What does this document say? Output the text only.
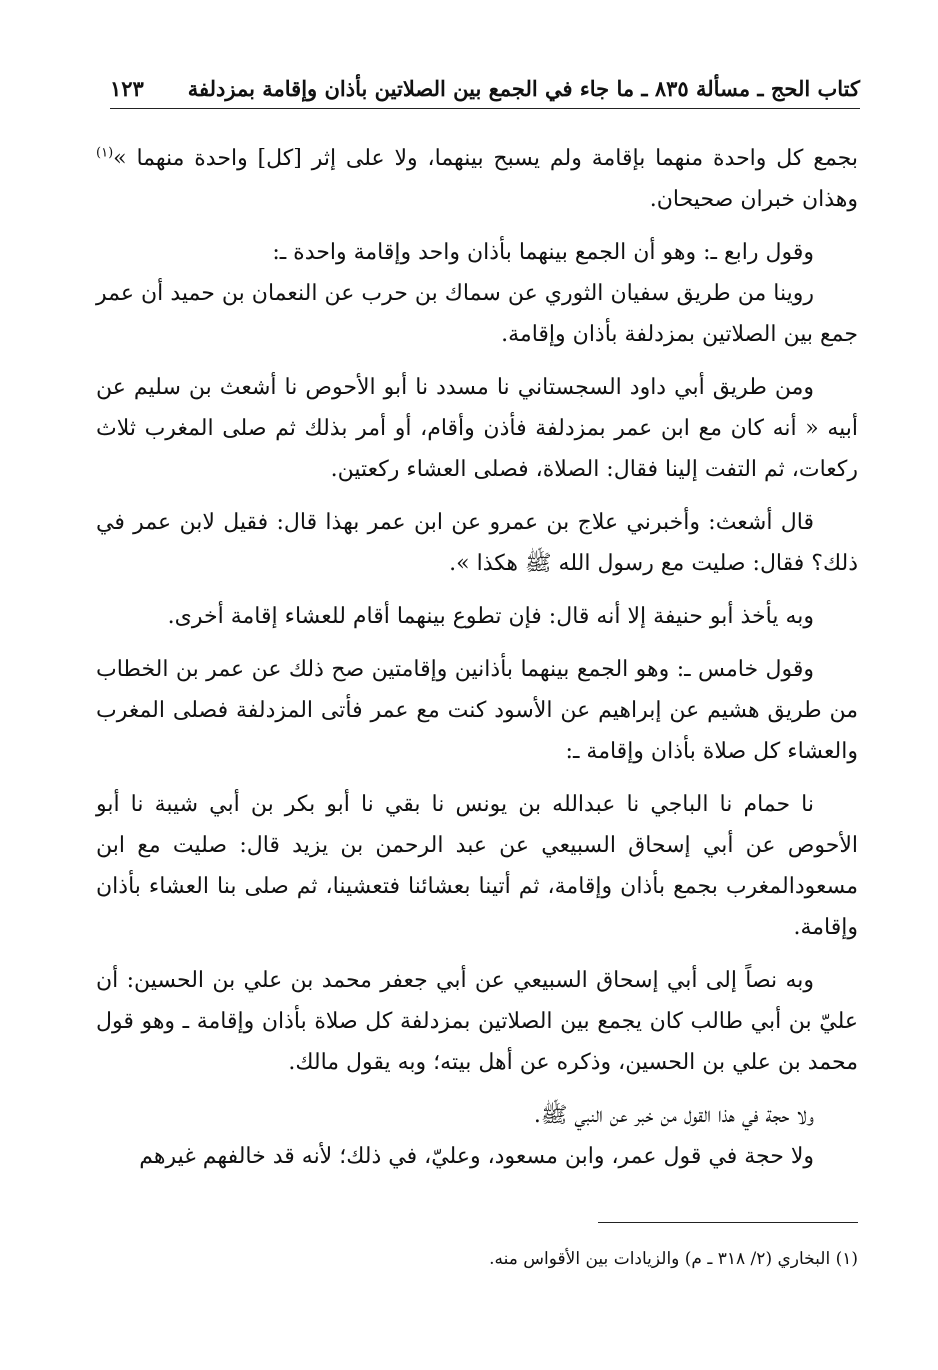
كتاب الحج ـ مسألة ٨٣٥ ـ ما جاء في الجمع بين الصلاتين بأذان وإقامة بمزدلفة
١٢٣

بجمع كل واحدة منهما بإقامة ولم يسبح بينهما، ولا على إثر [كل] واحدة منهما »$^{(١)}$ وهذان خبران صحيحان.

وقول رابع ـ: وهو أن الجمع بينهما بأذان واحد وإقامة واحدة ـ:

روينا من طريق سفيان الثوري عن سماك بن حرب عن النعمان بن حميد أن عمر جمع بين الصلاتين بمزدلفة بأذان وإقامة.

ومن طريق أبي داود السجستاني نا مسدد نا أبو الأحوص نا أشعث بن سليم عن أبيه « أنه كان مع ابن عمر بمزدلفة فأذن وأقام، أو أمر بذلك ثم صلى المغرب ثلاث ركعات، ثم التفت إلينا فقال: الصلاة، فصلى العشاء ركعتين.

قال أشعث: وأخبرني علاج بن عمرو عن ابن عمر بهذا قال: فقيل لابن عمر في ذلك؟ فقال: صليت مع رسول الله ﷺ هكذا ».

وبه يأخذ أبو حنيفة إلا أنه قال: فإن تطوع بينهما أقام للعشاء إقامة أخرى.

وقول خامس ـ: وهو الجمع بينهما بأذانين وإقامتين صح ذلك عن عمر بن الخطاب من طريق هشيم عن إبراهيم عن الأسود كنت مع عمر فأتى المزدلفة فصلى المغرب والعشاء كل صلاة بأذان وإقامة ـ:

نا حمام نا الباجي نا عبدالله بن يونس نا بقي نا أبو بكر بن أبي شيبة نا أبو الأحوص عن أبي إسحاق السبيعي عن عبد الرحمن بن يزيد قال: صليت مع ابن مسعودالمغرب بجمع بأذان وإقامة، ثم أتينا بعشائنا فتعشينا، ثم صلى بنا العشاء بأذان وإقامة.

وبه نصاً إلى أبي إسحاق السبيعي عن أبي جعفر محمد بن علي بن الحسين: أن عليّ بن أبي طالب كان يجمع بين الصلاتين بمزدلفة كل صلاة بأذان وإقامة ـ وهو قول محمد بن علي بن الحسين، وذكره عن أهل بيته؛ وبه يقول مالك.

ولا حجة في هذا القول من خبر عن النبي ﷺ.

ولا حجة في قول عمر، وابن مسعود، وعليّ، في ذلك؛ لأنه قد خالفهم غيرهم

(١) البخاري (٢/ ٣١٨ ـ م) والزيادات بين الأقواس منه.
